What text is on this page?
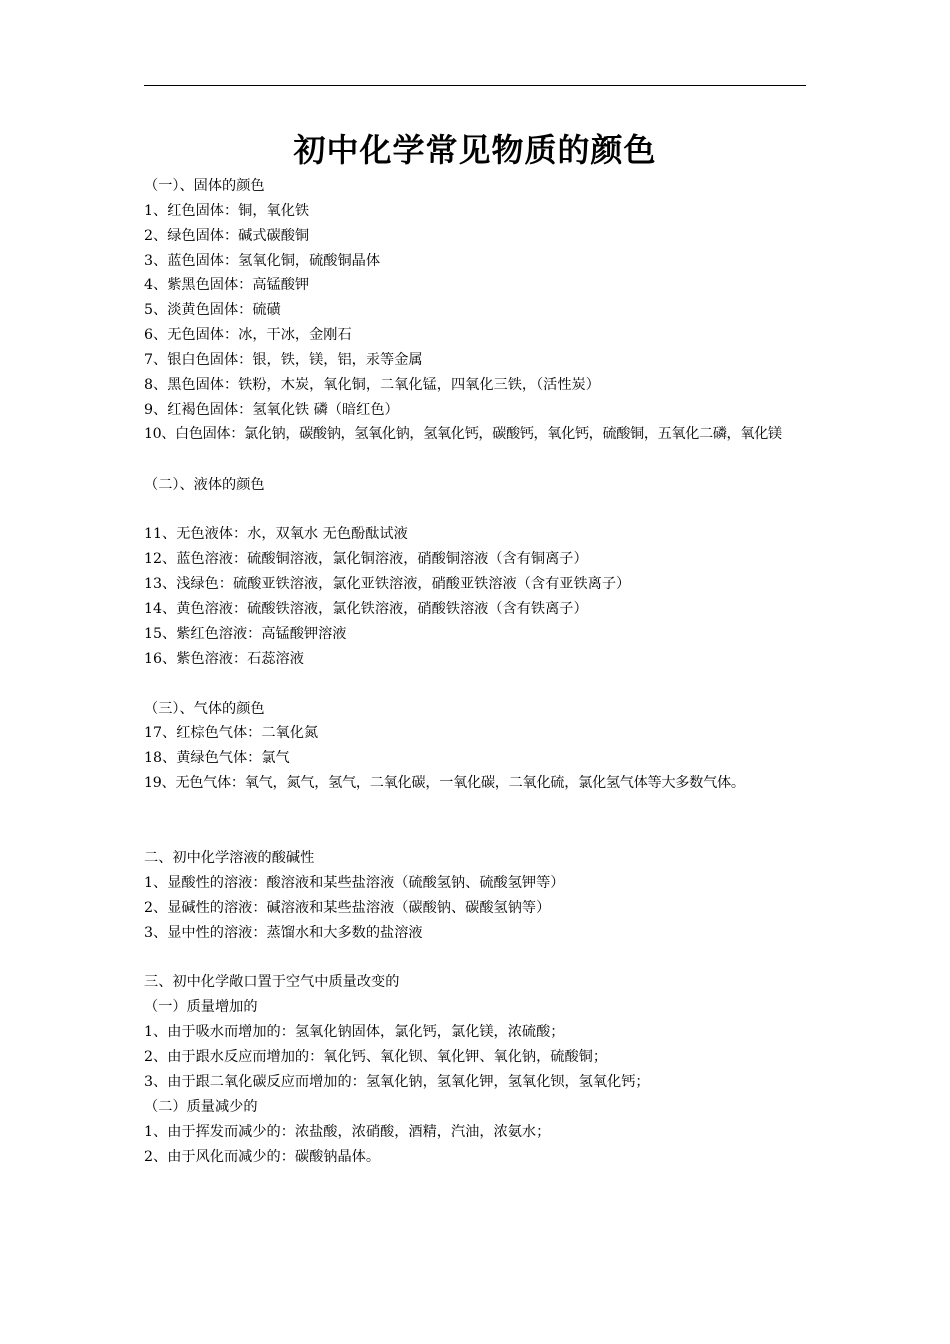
初中化学常见物质的颜色
（一）、固体的颜色
1、红色固体：铜，氧化铁
2、绿色固体：碱式碳酸铜
3、蓝色固体：氢氧化铜，硫酸铜晶体
4、紫黑色固体：高锰酸钾
5、淡黄色固体：硫磺
6、无色固体：冰，干冰，金刚石
7、银白色固体：银，铁，镁，铝，汞等金属
8、黑色固体：铁粉，木炭，氧化铜，二氧化锰，四氧化三铁，（活性炭）
9、红褐色固体：氢氧化铁 磷（暗红色）
10、白色固体：氯化钠，碳酸钠，氢氧化钠，氢氧化钙，碳酸钙，氧化钙，硫酸铜，五氧化二磷，氧化镁
（二）、液体的颜色
11、无色液体：水，双氧水 无色酚酞试液
12、蓝色溶液：硫酸铜溶液，氯化铜溶液，硝酸铜溶液（含有铜离子）
13、浅绿色：硫酸亚铁溶液，氯化亚铁溶液，硝酸亚铁溶液（含有亚铁离子）
14、黄色溶液：硫酸铁溶液，氯化铁溶液，硝酸铁溶液（含有铁离子）
15、紫红色溶液：高锰酸钾溶液
16、紫色溶液：石蕊溶液
（三）、气体的颜色
17、红棕色气体：二氧化氮
18、黄绿色气体：氯气
19、无色气体：氧气，氮气，氢气，二氧化碳，一氧化碳，二氧化硫，氯化氢气体等大多数气体。
二、初中化学溶液的酸碱性
1、显酸性的溶液：酸溶液和某些盐溶液（硫酸氢钠、硫酸氢钾等）
2、显碱性的溶液：碱溶液和某些盐溶液（碳酸钠、碳酸氢钠等）
3、显中性的溶液：蒸馏水和大多数的盐溶液
三、初中化学敞口置于空气中质量改变的
（一）质量增加的
1、由于吸水而增加的：氢氧化钠固体，氯化钙，氯化镁，浓硫酸；
2、由于跟水反应而增加的：氧化钙、氧化钡、氧化钾、氧化钠，硫酸铜；
3、由于跟二氧化碳反应而增加的：氢氧化钠，氢氧化钾，氢氧化钡，氢氧化钙；
（二）质量减少的
1、由于挥发而减少的：浓盐酸，浓硝酸，酒精，汽油，浓氨水；
2、由于风化而减少的：碳酸钠晶体。
